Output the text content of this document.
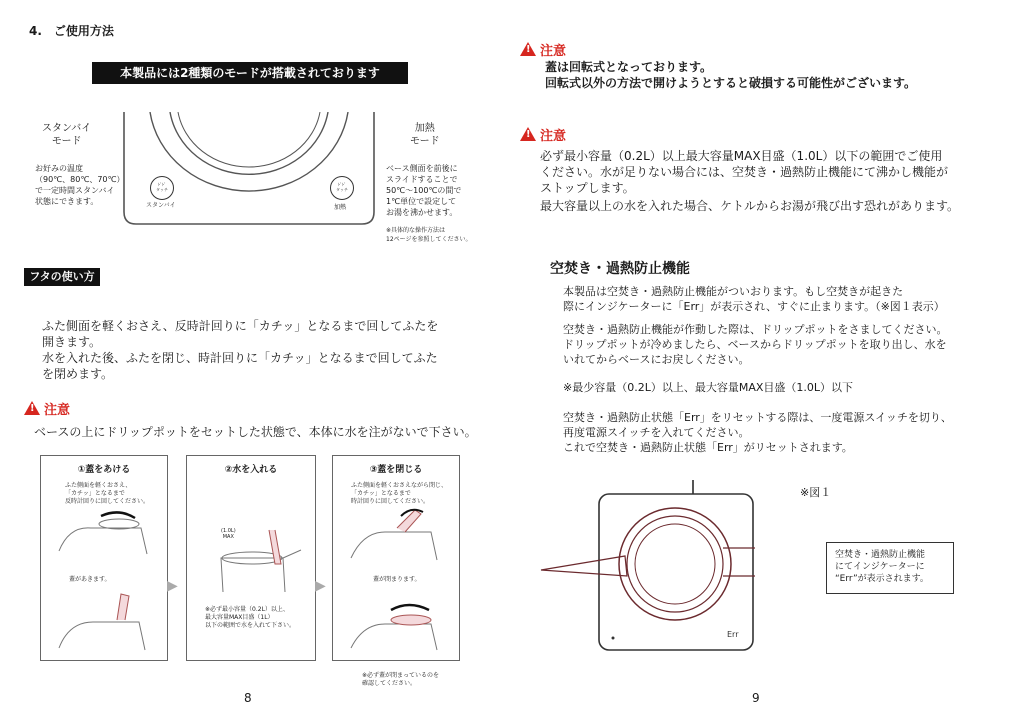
4.　ご使用方法
本製品には2種類のモードが搭載されております
ﾄﾞﾄﾞ
タッチ
スタンバイ
ﾄﾞﾄﾞ
タッチ
加熱
スタンバイ
モード
お好みの温度
（90℃、80℃、70℃）
で一定時間スタンバイ
状態にできます。
加熱
モード
ベース側面を前後に
スライドすることで
50℃〜100℃の間で
1℃単位で設定して
お湯を沸かせます。
※具体的な操作方法は
12ページを参照してください。
フタの使い方
ふた側面を軽くおさえ、反時計回りに「カチッ」となるまで回してふたを
開きます。
水を入れた後、ふたを閉じ、時計回りに「カチッ」となるまで回してふた
を閉めます。
!注意
ベースの上にドリップポットをセットした状態で、本体に水を注がないで下さい。
①蓋をあける
ふた側面を軽くおさえ、
「カチッ」となるまで
反時計回りに回してください。
蓋があきます。	▶
②水を入れる
(1.0L)
MAX
※必ず最小容量（0.2L）以上、
最大容量MAX目盛（1L）
以下の範囲で水を入れて下さい。
▶
③蓋を閉じる
ふた側面を軽くおさえながら閉じ、
「カチッ」となるまで
時計回りに回してください。
蓋が閉まります。
※必ず蓋が閉まっているのを
確認してください。
8
!注意
蓋は回転式となっております。
回転式以外の方法で開けようとすると破損する可能性がございます。
!注意
必ず最小容量（0.2L）以上最大容量MAX目盛（1.0L）以下の範囲でご使用
ください。水が足りない場合には、空焚き・過熱防止機能にて沸かし機能が
ストップします。
最大容量以上の水を入れた場合、ケトルからお湯が飛び出す恐れがあります。
空焚き・過熱防止機能
本製品は空焚き・過熱防止機能がついおります。もし空焚きが起きた
際にインジケーターに「Err」が表示され、すぐに止まります。（※図１表示）
空焚き・過熱防止機能が作動した際は、ドリップポットをさましてください。
ドリップポットが冷めましたら、ベースからドリップポットを取り出し、水を
いれてからベースにお戻しください。
※最少容量（0.2L）以上、最大容量MAX目盛（1.0L）以下
空焚き・過熱防止状態「Err」をリセットする際は、一度電源スイッチを切り、
再度電源スイッチを入れてください。
これで空焚き・過熱防止状態「Err」がリセットされます。
※図１
Err
空焚き・過熱防止機能
にてインジケーターに
“Err”が表示されます。
9
